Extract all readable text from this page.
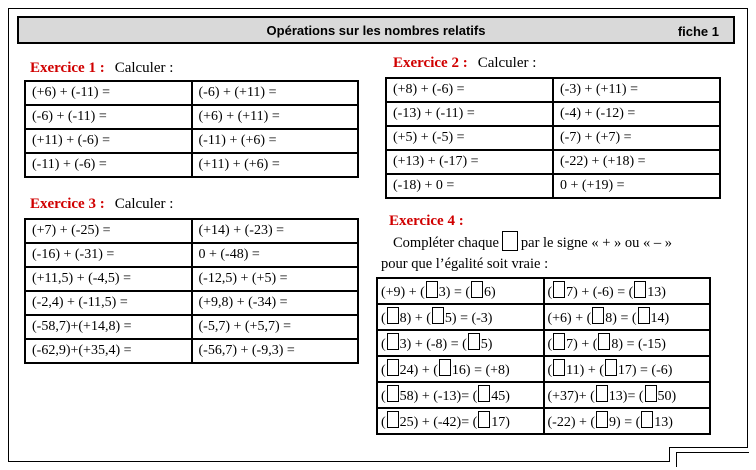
Opérations sur les nombres relatifs	fiche 1
Exercice 1 : Calculer :
(+6) + (-11) =	(-6) + (+11) =
(-6) + (-11) =	(+6) + (+11) =
(+11) + (-6) =	(-11) + (+6) =
(-11) + (-6) =	(+11) + (+6) =
Exercice 2 : Calculer :
(+8) + (-6) =	(-3) + (+11) =
(-13) + (-11) =	(-4) + (-12) =
(+5) + (-5) =	(-7) + (+7) =
(+13) + (-17) =	(-22) + (+18) =
(-18) + 0 =	0 + (+19) =
Exercice 3 : Calculer :
(+7) + (-25) =	(+14) + (-23) =
(-16) + (-31) =	0 + (-48) =
(+11,5) + (-4,5) =	(-12,5) + (+5) =
(-2,4) + (-11,5) =	(+9,8) + (-34) =
(-58,7)+(+14,8) =	(-5,7) + (+5,7) =
(-62,9)+(+35,4) =	(-56,7) + (-9,3) =
Exercice 4 :
Compléter chaque par le signe « + » ou « – »
pour que l’égalité soit vraie :
(+9) + ( 3) = ( 6)	( 7) + (-6) = ( 13)
( 8) + ( 5) = (-3)	(+6) + ( 8) = ( 14)
( 3) + (-8) = ( 5)	( 7) + ( 8) = (-15)
( 24) + ( 16) = (+8)	( 11) + ( 17) = (-6)
( 58) + (-13)= ( 45)	(+37)+ ( 13)= ( 50)
( 25) + (-42)= ( 17)	(-22) + ( 9) = ( 13)
